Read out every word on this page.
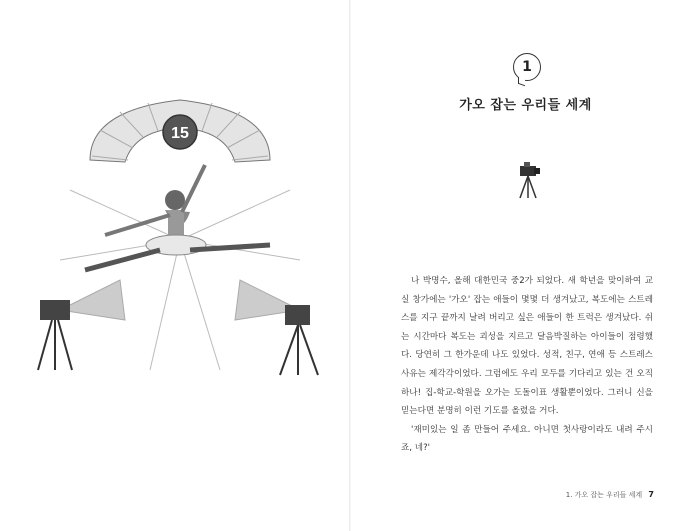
15
1
가오 잡는 우리들 세계

나 박명수, 올해 대한민국 중2가 되었다. 새 학년을 맞이하여 교실 창가에는 '가오' 잡는 애들이 몇몇 더 생겨났고, 복도에는 스트레스를 지구 끝까지 날려 버리고 싶은 애들이 한 트럭은 생겨났다. 쉬는 시간마다 복도는 괴성을 지르고 달음박질하는 아이들이 점령했다. 당연히 그 한가운데 나도 있었다. 성적, 친구, 연애 등 스트레스 사유는 제각각이었다. 그럼에도 우리 모두를 기다리고 있는 건 오직 하나! 집-학교-학원을 오가는 도돌이표 생활뿐이었다. 그러니 신을 믿는다면 분명히 이런 기도를 올렸을 거다.

'재미있는 일 좀 만들어 주세요. 아니면 첫사랑이라도 내려 주시죠, 네?'

1. 가오 잡는 우리들 세계 7
